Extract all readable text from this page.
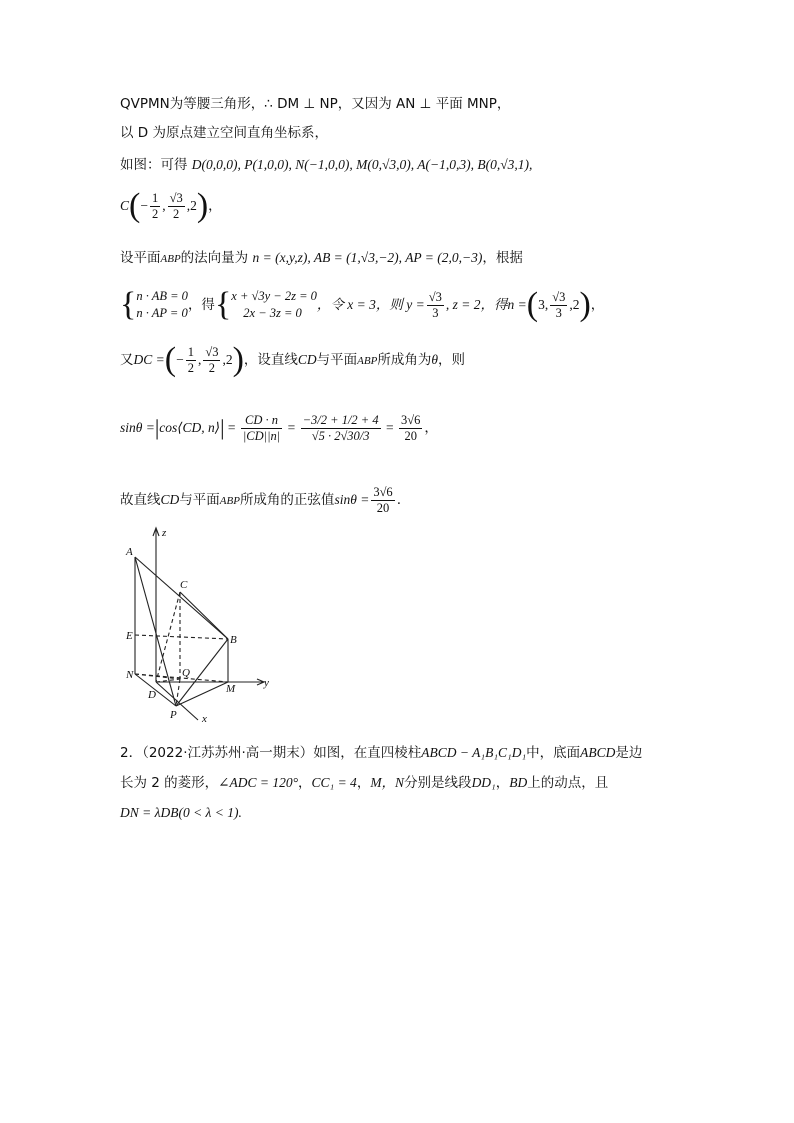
QVPMN为等腰三角形，∴ DM ⊥ NP，又因为 AN ⊥ 平面 MNP，
以 D 为原点建立空间直角坐标系，
如图：可得 D(0,0,0), P(1,0,0), N(−1,0,0), M(0,√3,0), A(−1,0,3), B(0,√3,1),
$C(- \frac{1}{2}$ , $\frac{√3}{2} ,2$)，
设平面ABP的法向量为 n = (x,y,z), AB = (1,√3,−2), AP = (2,0,−3)，根据
{n · AB = 0
n · AP = 0，得{x + √3y − 2z = 0
2x − 3z = 0，令 x = 3，则 $y = \frac{√3}{3}$ , z = 2，得n =(3, $\frac{√3}{3} ,2$)，
又DC =(− $\frac{1}{2}$ , $\frac{√3}{2} ,2$)，设直线CD与平面ABP所成角为θ，则
sinθ =|cos⟨CD, n⟩| = $\frac{CD \cdot n}{|CD||n|} = \frac{-3/2 + 1/2 + 4}{√5 \cdot 2√30/3} = \frac{3√6}{20}$ ，
故直线CD与平面ABP所成角的正弦值$\sin\theta = \frac{3√6}{20}$ .
A
C
E	B
N	Q
M
D
P
z
y
x
2．（2022·江苏苏州·高一期末）如图，在直四棱柱ABCD − A₁B₁C₁D₁中，底面ABCD是边
长为 2 的菱形，∠ADC = 120°，CC₁ = 4，M，N分别是线段DD₁，BD上的动点，且
DN = λDB(0 < λ < 1).
